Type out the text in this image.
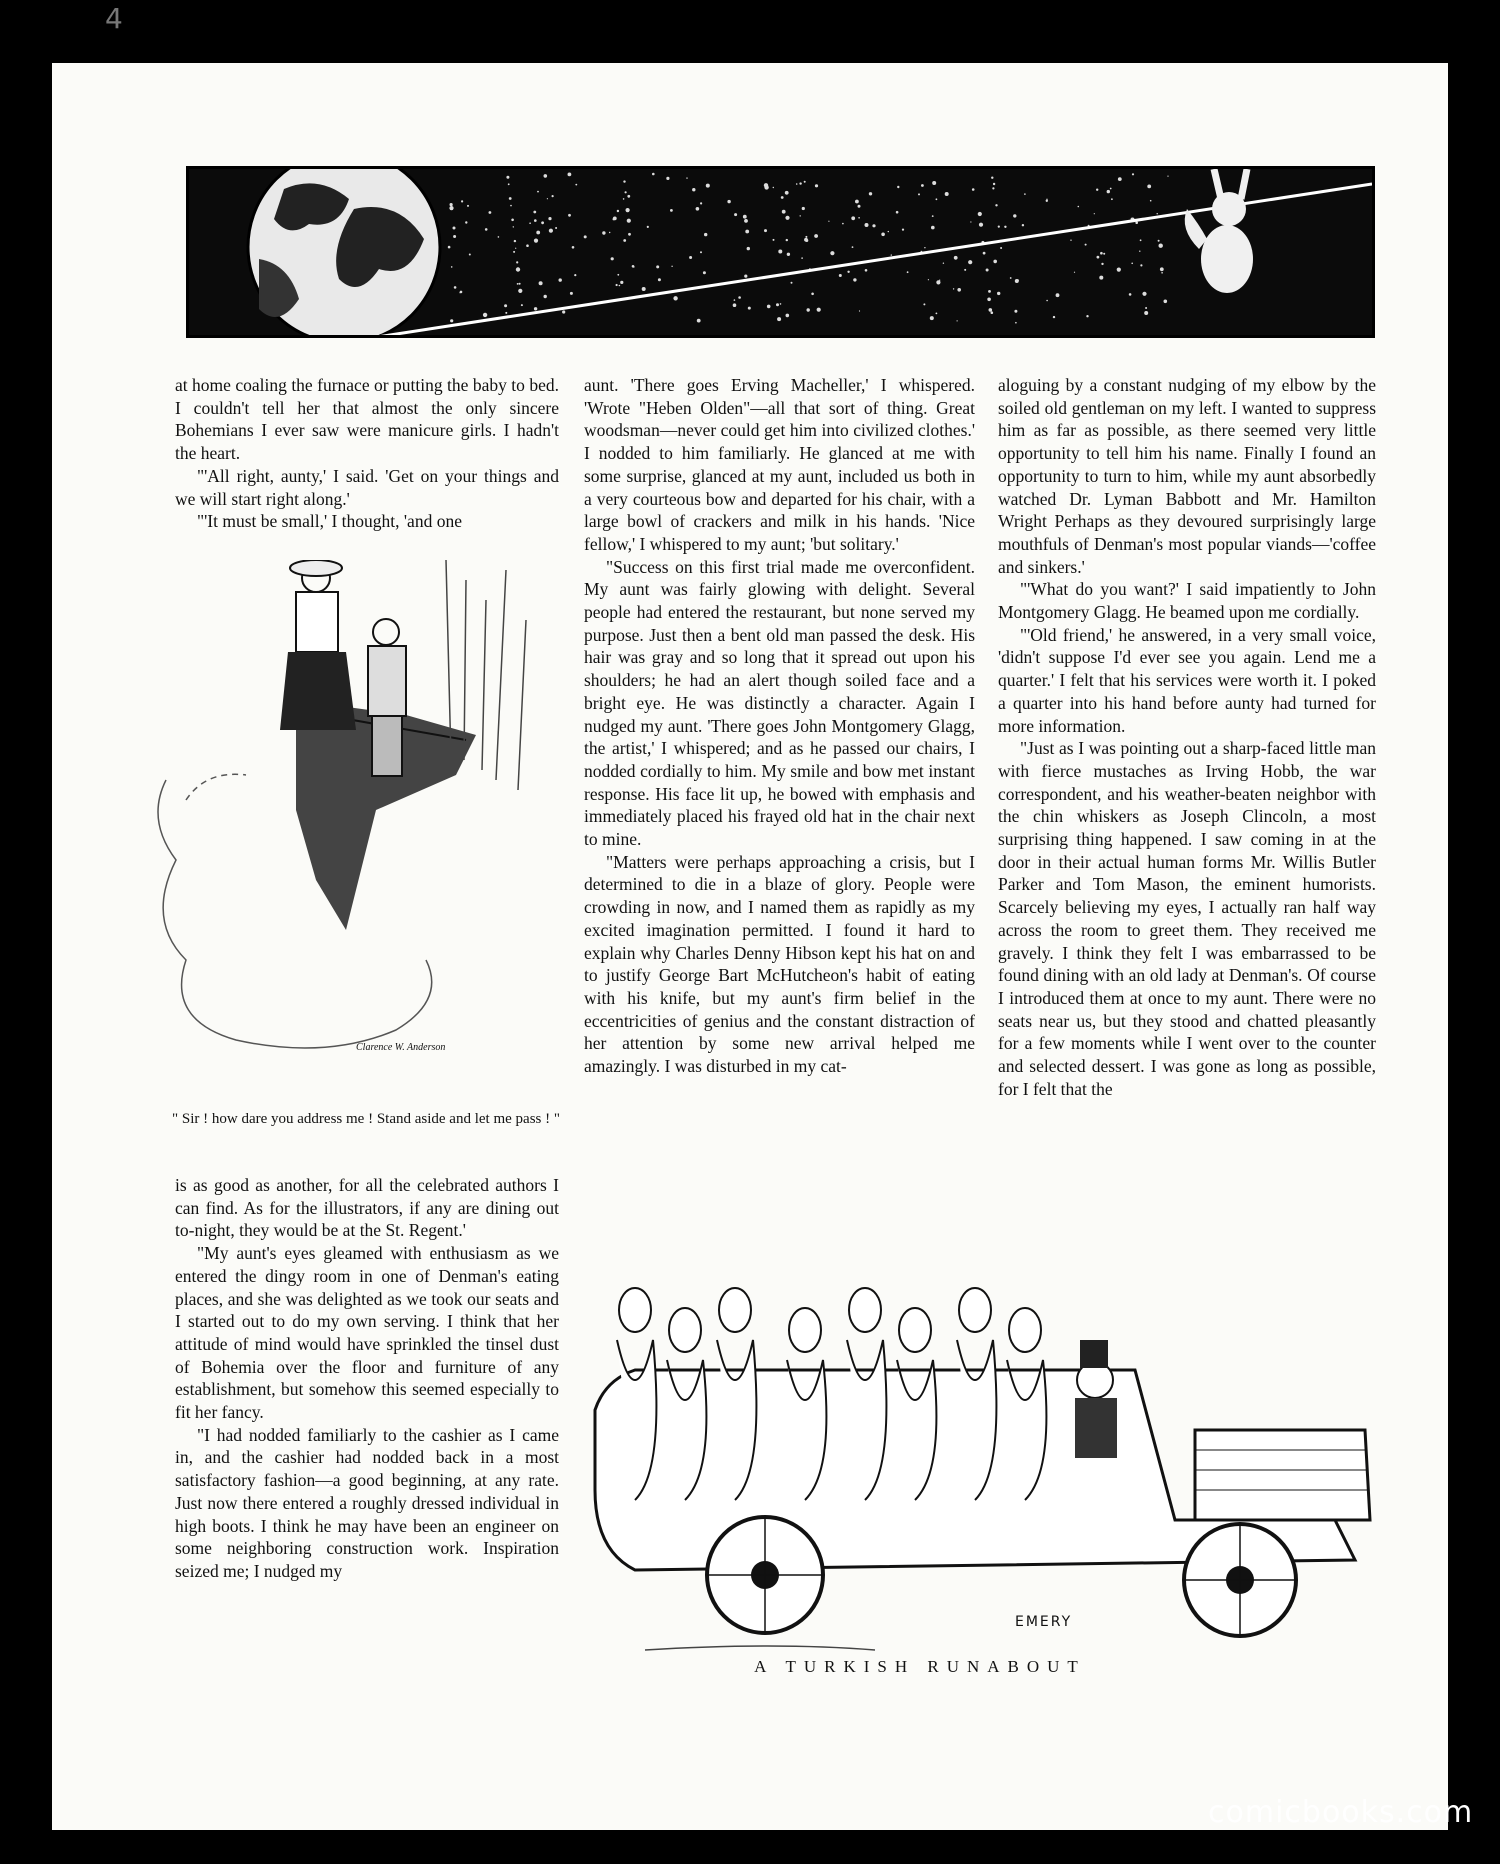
4

at home coaling the furnace or putting the baby to bed. I couldn't tell her that almost the only sincere Bohemians I ever saw were manicure girls. I hadn't the heart.

"'All right, aunty,' I said. 'Get on your things and we will start right along.'

"'It must be small,' I thought, 'and one

Clarence W. Anderson
" Sir ! how dare you address me ! Stand aside and let me pass ! "

is as good as another, for all the celebrated authors I can find. As for the illustrators, if any are dining out to-night, they would be at the St. Regent.'

"My aunt's eyes gleamed with enthusiasm as we entered the dingy room in one of Denman's eating places, and she was delighted as we took our seats and I started out to do my own serving. I think that her attitude of mind would have sprinkled the tinsel dust of Bohemia over the floor and furniture of any establishment, but somehow this seemed especially to fit her fancy.

"I had nodded familiarly to the cashier as I came in, and the cashier had nodded back in a most satisfactory fashion—a good beginning, at any rate. Just now there entered a roughly dressed individual in high boots. I think he may have been an engineer on some neighboring construction work. Inspiration seized me; I nudged my

aunt. 'There goes Erving Macheller,' I whispered. 'Wrote "Heben Olden"—all that sort of thing. Great woodsman—never could get him into civilized clothes.' I nodded to him familiarly. He glanced at me with some surprise, glanced at my aunt, included us both in a very courteous bow and departed for his chair, with a large bowl of crackers and milk in his hands. 'Nice fellow,' I whispered to my aunt; 'but solitary.'

"Success on this first trial made me overconfident. My aunt was fairly glowing with delight. Several people had entered the restaurant, but none served my purpose. Just then a bent old man passed the desk. His hair was gray and so long that it spread out upon his shoulders; he had an alert though soiled face and a bright eye. He was distinctly a character. Again I nudged my aunt. 'There goes John Montgomery Glagg, the artist,' I whispered; and as he passed our chairs, I nodded cordially to him. My smile and bow met instant response. His face lit up, he bowed with emphasis and immediately placed his frayed old hat in the chair next to mine.

"Matters were perhaps approaching a crisis, but I determined to die in a blaze of glory. People were crowding in now, and I named them as rapidly as my excited imagination permitted. I found it hard to explain why Charles Denny Hibson kept his hat on and to justify George Bart McHutcheon's habit of eating with his knife, but my aunt's firm belief in the eccentricities of genius and the constant distraction of her attention by some new arrival helped me amazingly. I was disturbed in my cat-

aloguing by a constant nudging of my elbow by the soiled old gentleman on my left. I wanted to suppress him as far as possible, as there seemed very little opportunity to tell him his name. Finally I found an opportunity to turn to him, while my aunt absorbedly watched Dr. Lyman Babbott and Mr. Hamilton Wright Perhaps as they devoured surprisingly large mouthfuls of Denman's most popular viands—'coffee and sinkers.'

"'What do you want?' I said impatiently to John Montgomery Glagg. He beamed upon me cordially.

"'Old friend,' he answered, in a very small voice, 'didn't suppose I'd ever see you again. Lend me a quarter.' I felt that his services were worth it. I poked a quarter into his hand before aunty had turned for more information.

"Just as I was pointing out a sharp-faced little man with fierce mustaches as Irving Hobb, the war correspondent, and his weather-beaten neighbor with the chin whiskers as Joseph Clincoln, a most surprising thing happened. I saw coming in at the door in their actual human forms Mr. Willis Butler Parker and Tom Mason, the eminent humorists. Scarcely believing my eyes, I actually ran half way across the room to greet them. They received me gravely. I think they felt I was embarrassed to be found dining with an old lady at Denman's. Of course I introduced them at once to my aunt. There were no seats near us, but they stood and chatted pleasantly for a few moments while I went over to the counter and selected dessert. I was gone as long as possible, for I felt that the

EMERY
A TURKISH RUNABOUT
comicbooks.com
